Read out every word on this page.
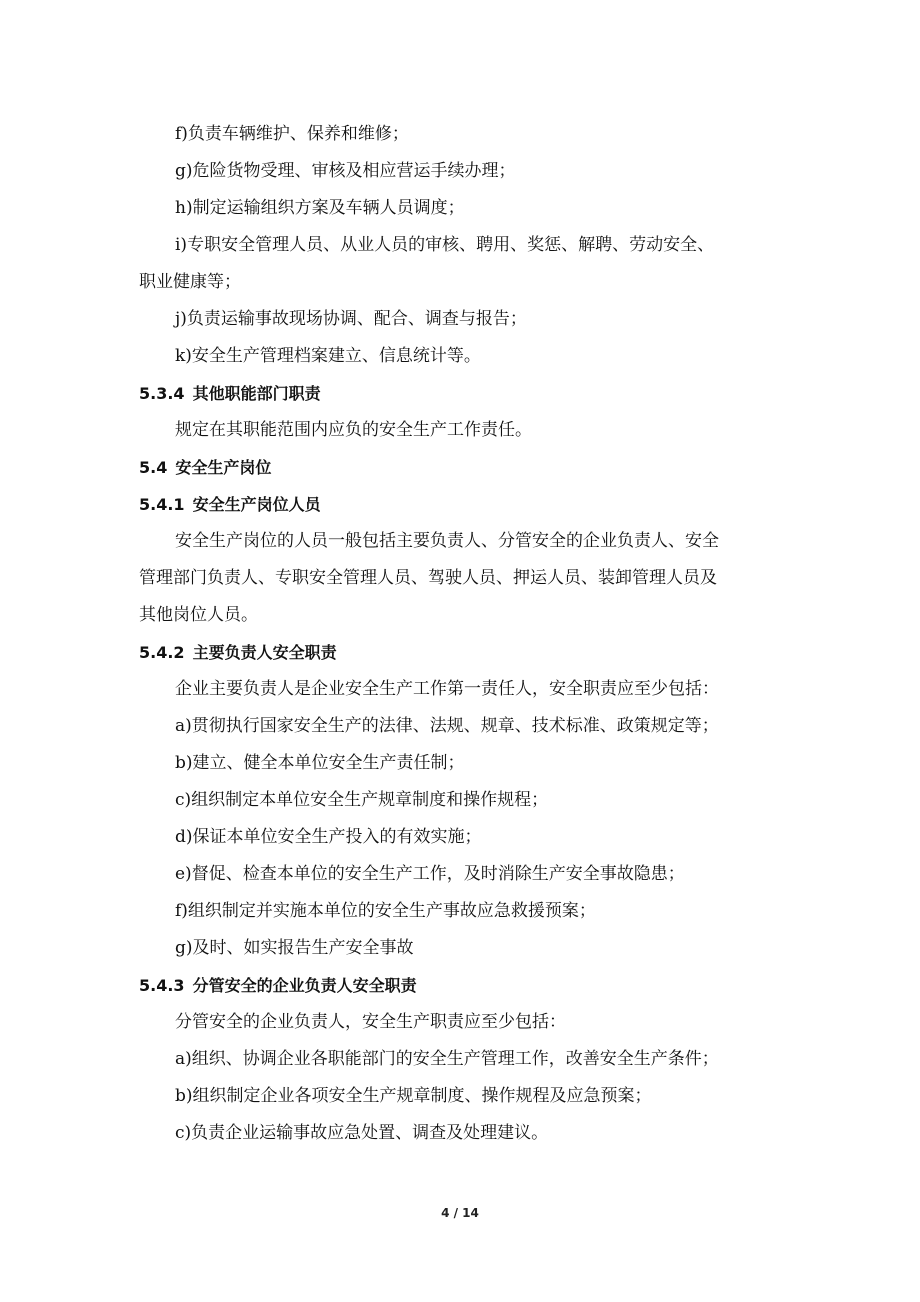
f)负责车辆维护、保养和维修；
g)危险货物受理、审核及相应营运手续办理；
h)制定运输组织方案及车辆人员调度；
i)专职安全管理人员、从业人员的审核、聘用、奖惩、解聘、劳动安全、
职业健康等；
j)负责运输事故现场协调、配合、调查与报告；
k)安全生产管理档案建立、信息统计等。
5.3.4 其他职能部门职责
规定在其职能范围内应负的安全生产工作责任。
5.4 安全生产岗位
5.4.1 安全生产岗位人员
安全生产岗位的人员一般包括主要负责人、分管安全的企业负责人、安全
管理部门负责人、专职安全管理人员、驾驶人员、押运人员、装卸管理人员及
其他岗位人员。
5.4.2 主要负责人安全职责
企业主要负责人是企业安全生产工作第一责任人，安全职责应至少包括：
a)贯彻执行国家安全生产的法律、法规、规章、技术标准、政策规定等；
b)建立、健全本单位安全生产责任制；
c)组织制定本单位安全生产规章制度和操作规程；
d)保证本单位安全生产投入的有效实施；
e)督促、检查本单位的安全生产工作，及时消除生产安全事故隐患；
f)组织制定并实施本单位的安全生产事故应急救援预案；
g)及时、如实报告生产安全事故
5.4.3 分管安全的企业负责人安全职责
分管安全的企业负责人，安全生产职责应至少包括：
a)组织、协调企业各职能部门的安全生产管理工作，改善安全生产条件；
b)组织制定企业各项安全生产规章制度、操作规程及应急预案；
c)负责企业运输事故应急处置、调查及处理建议。
4 / 14
